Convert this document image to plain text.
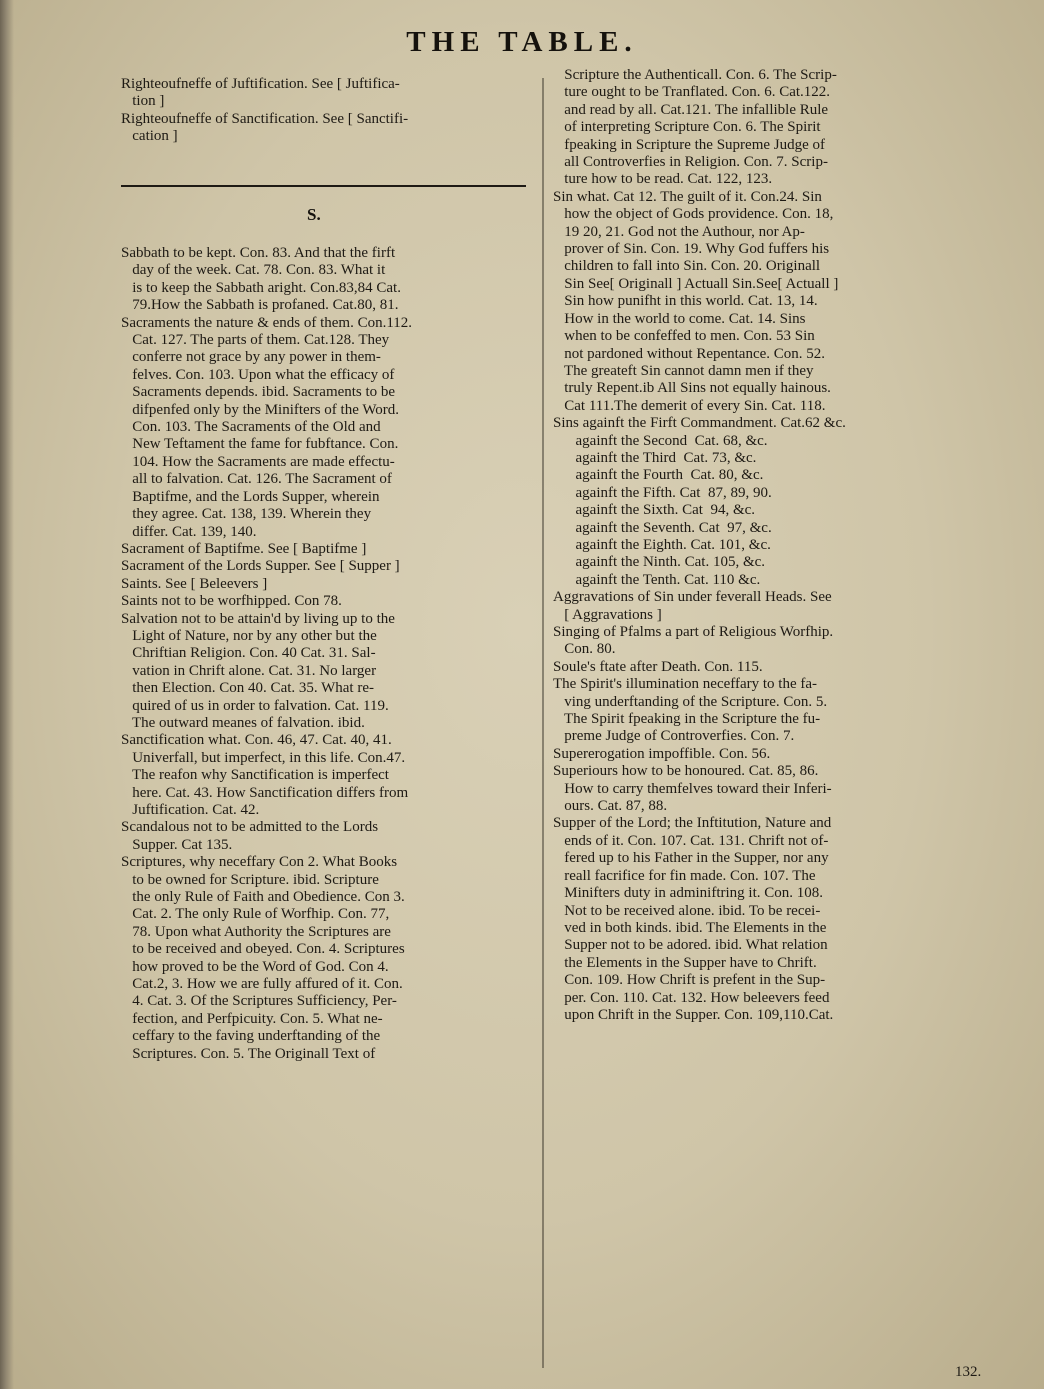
THE TABLE.
Righteoufneffe of Juftification. See [ Juftifica-
tion ]
Righteoufneffe of Sanctification. See [ Sanctifi-
cation ]
S.
Sabbath to be kept. Con. 83. And that the firft
day of the week. Cat. 78. Con. 83. What it
is to keep the Sabbath aright. Con.83,84 Cat.
79.How the Sabbath is profaned. Cat.80, 81.
Sacraments the nature & ends of them. Con.112.
Cat. 127. The parts of them. Cat.128. They
conferre not grace by any power in them-
felves. Con. 103. Upon what the efficacy of
Sacraments depends. ibid. Sacraments to be
difpenfed only by the Minifters of the Word.
Con. 103. The Sacraments of the Old and
New Teftament the fame for fubftance. Con.
104. How the Sacraments are made effectu-
all to falvation. Cat. 126. The Sacrament of
Baptifme, and the Lords Supper, wherein
they agree. Cat. 138, 139. Wherein they
differ. Cat. 139, 140.
Sacrament of Baptifme. See [ Baptifme ]
Sacrament of the Lords Supper. See [ Supper ]
Saints. See [ Beleevers ]
Saints not to be worfhipped. Con 78.
Salvation not to be attain'd by living up to the
Light of Nature, nor by any other but the
Chriftian Religion. Con. 40 Cat. 31. Sal-
vation in Chrift alone. Cat. 31. No larger
then Election. Con 40. Cat. 35. What re-
quired of us in order to falvation. Cat. 119.
The outward meanes of falvation. ibid.
Sanctification what. Con. 46, 47. Cat. 40, 41.
Univerfall, but imperfect, in this life. Con.47.
The reafon why Sanctification is imperfect
here. Cat. 43. How Sanctification differs from
Juftification. Cat. 42.
Scandalous not to be admitted to the Lords
Supper. Cat 135.
Scriptures, why neceffary Con 2. What Books
to be owned for Scripture. ibid. Scripture
the only Rule of Faith and Obedience. Con 3.
Cat. 2. The only Rule of Worfhip. Con. 77,
78. Upon what Authority the Scriptures are
to be received and obeyed. Con. 4. Scriptures
how proved to be the Word of God. Con 4.
Cat.2, 3. How we are fully affured of it. Con.
4. Cat. 3. Of the Scriptures Sufficiency, Per-
fection, and Perfpicuity. Con. 5. What ne-
ceffary to the faving underftanding of the
Scriptures. Con. 5. The Originall Text of
Scripture the Authenticall. Con. 6. The Scrip-
ture ought to be Tranflated. Con. 6. Cat.122.
and read by all. Cat.121. The infallible Rule
of interpreting Scripture Con. 6. The Spirit
fpeaking in Scripture the Supreme Judge of
all Controverfies in Religion. Con. 7. Scrip-
ture how to be read. Cat. 122, 123.
Sin what. Cat 12. The guilt of it. Con.24. Sin
how the object of Gods providence. Con. 18,
19 20, 21. God not the Authour, nor Ap-
prover of Sin. Con. 19. Why God fuffers his
children to fall into Sin. Con. 20. Originall
Sin See[ Originall ] Actuall Sin.See[ Actuall ]
Sin how punifht in this world. Cat. 13, 14.
How in the world to come. Cat. 14. Sins
when to be confeffed to men. Con. 53 Sin
not pardoned without Repentance. Con. 52.
The greateft Sin cannot damn men if they
truly Repent.ib All Sins not equally hainous.
Cat 111.The demerit of every Sin. Cat. 118.
Sins againft the Firft Commandment. Cat.62 &c.
againft the Second  Cat. 68, &c.
againft the Third  Cat. 73, &c.
againft the Fourth  Cat. 80, &c.
againft the Fifth. Cat  87, 89, 90.
againft the Sixth. Cat  94, &c.
againft the Seventh. Cat  97, &c.
againft the Eighth. Cat. 101, &c.
againft the Ninth. Cat. 105, &c.
againft the Tenth. Cat. 110 &c.
Aggravations of Sin under feverall Heads. See
[ Aggravations ]
Singing of Pfalms a part of Religious Worfhip.
Con. 80.
Soule's ftate after Death. Con. 115.
The Spirit's illumination neceffary to the fa-
ving underftanding of the Scripture. Con. 5.
The Spirit fpeaking in the Scripture the fu-
preme Judge of Controverfies. Con. 7.
Supererogation impoffible. Con. 56.
Superiours how to be honoured. Cat. 85, 86.
How to carry themfelves toward their Inferi-
ours. Cat. 87, 88.
Supper of the Lord; the Inftitution, Nature and
ends of it. Con. 107. Cat. 131. Chrift not of-
fered up to his Father in the Supper, nor any
reall facrifice for fin made. Con. 107. The
Minifters duty in adminiftring it. Con. 108.
Not to be received alone. ibid. To be recei-
ved in both kinds. ibid. The Elements in the
Supper not to be adored. ibid. What relation
the Elements in the Supper have to Chrift.
Con. 109. How Chrift is prefent in the Sup-
per. Con. 110. Cat. 132. How beleevers feed
upon Chrift in the Supper. Con. 109,110.Cat.
132.
